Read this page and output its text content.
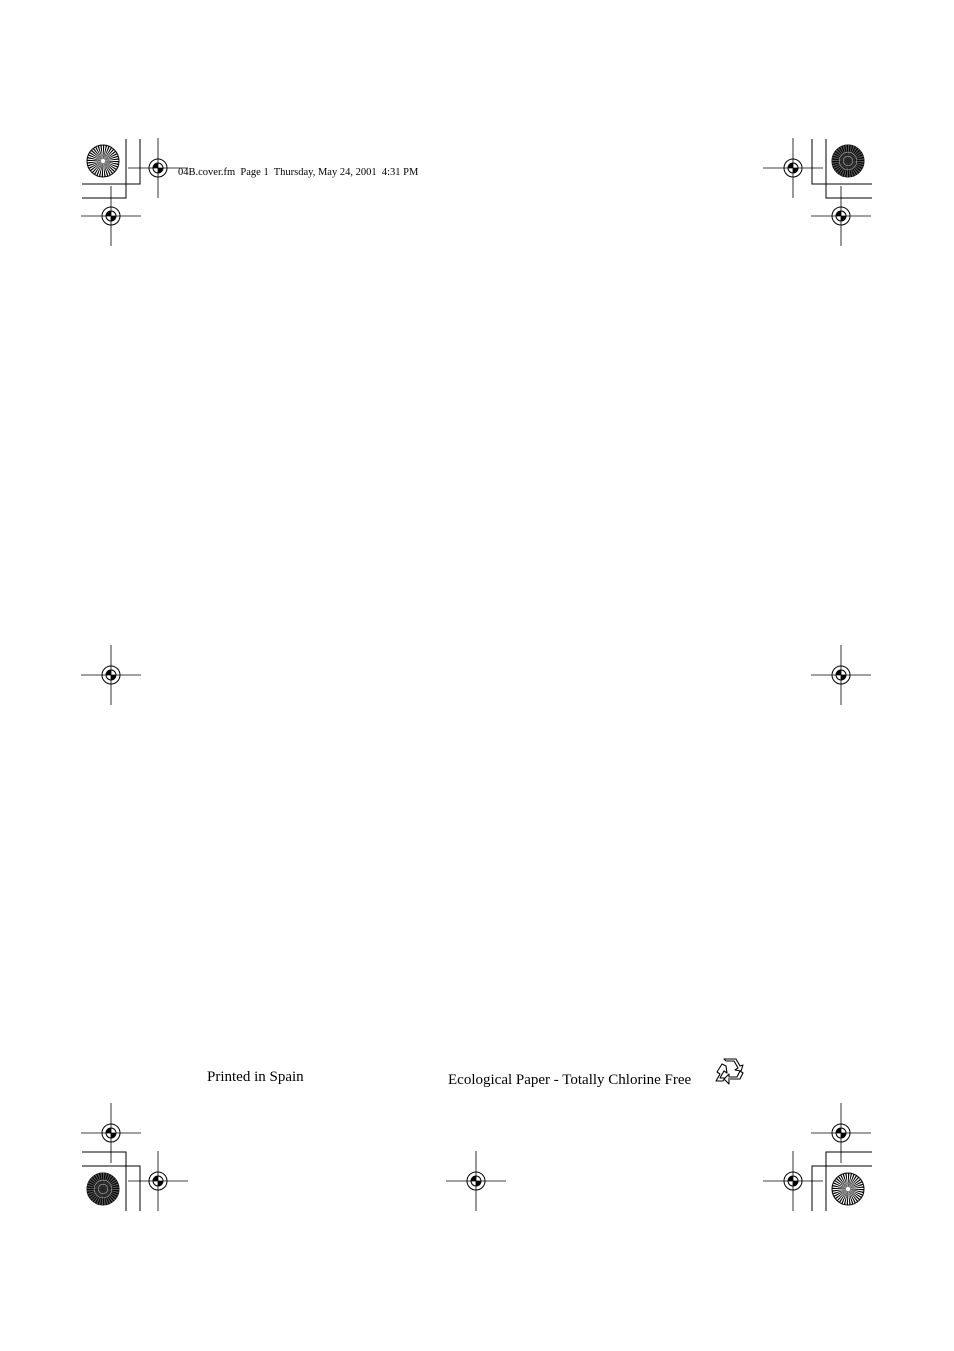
04B.cover.fm  Page 1  Thursday, May 24, 2001  4:31 PM
Printed in Spain	Ecological Paper - Totally Chlorine Free
